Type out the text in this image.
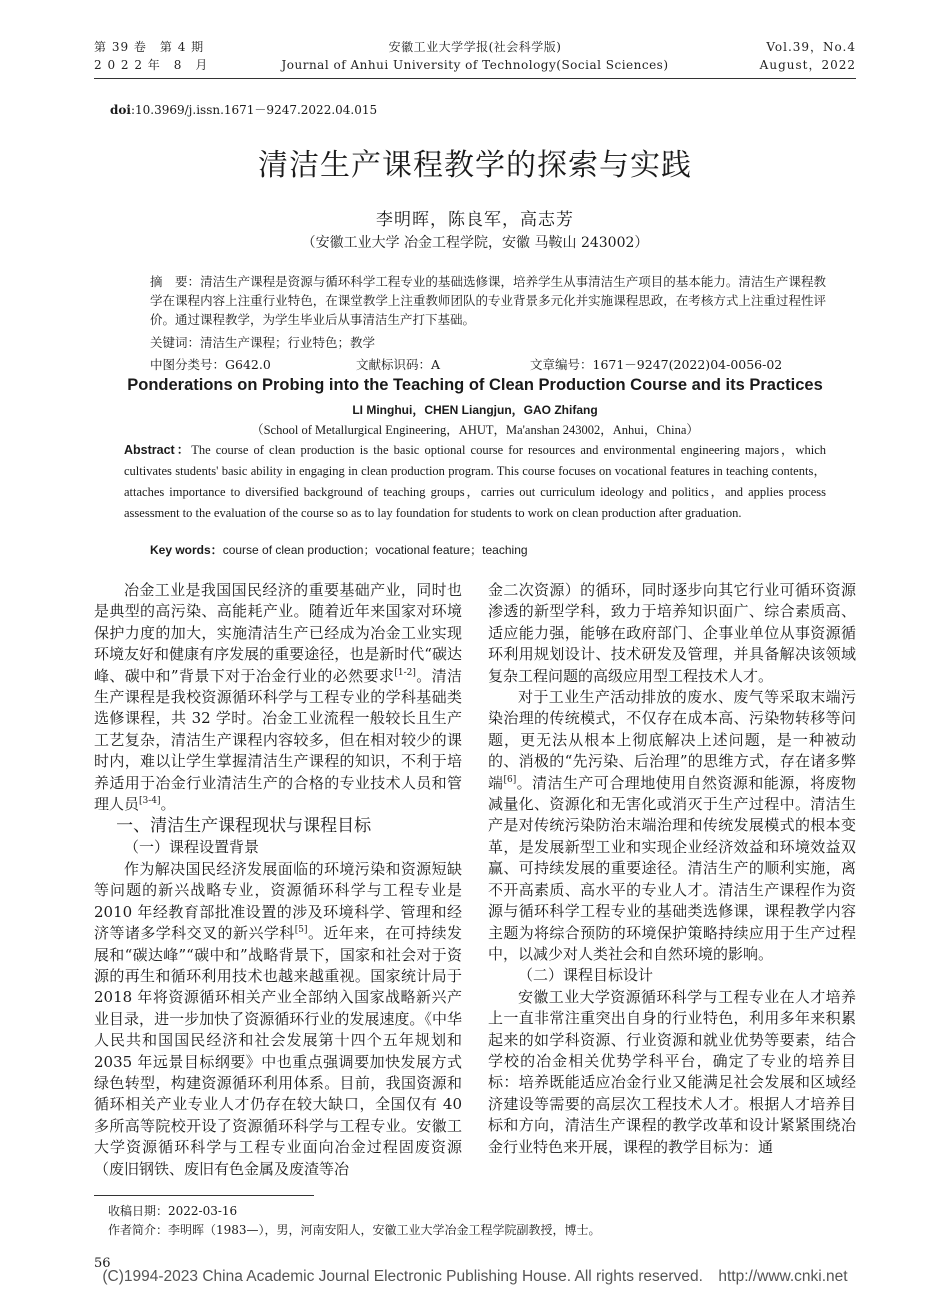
第 39 卷　第 4 期
2 0 2 2 年　8　月
安徽工业大学学报(社会科学版)
Journal of Anhui University of Technology(Social Sciences)
Vol.39，No.4
August，2022
doi:10.3969/j.issn.1671－9247.2022.04.015
清洁生产课程教学的探索与实践
李明晖，陈良军，高志芳
（安徽工业大学 冶金工程学院，安徽 马鞍山 243002）
摘　要：清洁生产课程是资源与循环科学工程专业的基础选修课，培养学生从事清洁生产项目的基本能力。清洁生产课程教学在课程内容上注重行业特色，在课堂教学上注重教师团队的专业背景多元化并实施课程思政，在考核方式上注重过程性评价。通过课程教学，为学生毕业后从事清洁生产打下基础。
关键词：清洁生产课程；行业特色；教学
中图分类号：G642.0	文献标识码：A	文章编号：1671－9247(2022)04-0056-02
Ponderations on Probing into the Teaching of Clean Production Course and its Practices
LI Minghui，CHEN Liangjun，GAO Zhifang
（School of Metallurgical Engineering，AHUT，Ma'anshan 243002，Anhui，China）
Abstract：The course of clean production is the basic optional course for resources and environmental engineering majors，which cultivates students' basic ability in engaging in clean production program. This course focuses on vocational features in teaching contents，attaches importance to diversified background of teaching groups，carries out curriculum ideology and politics，and applies process assessment to the evaluation of the course so as to lay foundation for students to work on clean production after graduation.
Key words：course of clean production；vocational feature；teaching

冶金工业是我国国民经济的重要基础产业，同时也是典型的高污染、高能耗产业。随着近年来国家对环境保护力度的加大，实施清洁生产已经成为冶金工业实现环境友好和健康有序发展的重要途径，也是新时代“碳达峰、碳中和”背景下对于冶金行业的必然要求[1-2]。清洁生产课程是我校资源循环科学与工程专业的学科基础类选修课程，共 32 学时。冶金工业流程一般较长且生产工艺复杂，清洁生产课程内容较多，但在相对较少的课时内，难以让学生掌握清洁生产课程的知识，不利于培养适用于冶金行业清洁生产的合格的专业技术人员和管理人员[3-4]。

一、清洁生产课程现状与课程目标

（一）课程设置背景

作为解决国民经济发展面临的环境污染和资源短缺等问题的新兴战略专业，资源循环科学与工程专业是 2010 年经教育部批准设置的涉及环境科学、管理和经济等诸多学科交叉的新兴学科[5]。近年来，在可持续发展和“碳达峰”“碳中和”战略背景下，国家和社会对于资源的再生和循环利用技术也越来越重视。国家统计局于 2018 年将资源循环相关产业全部纳入国家战略新兴产业目录，进一步加快了资源循环行业的发展速度。《中华人民共和国国民经济和社会发展第十四个五年规划和 2035 年远景目标纲要》中也重点强调要加快发展方式绿色转型，构建资源循环利用体系。目前，我国资源和循环相关产业专业人才仍存在较大缺口，全国仅有 40 多所高等院校开设了资源循环科学与工程专业。安徽工大学资源循环科学与工程专业面向冶金过程固废资源（废旧钢铁、废旧有色金属及废渣等冶

金二次资源）的循环，同时逐步向其它行业可循环资源渗透的新型学科，致力于培养知识面广、综合素质高、适应能力强，能够在政府部门、企事业单位从事资源循环利用规划设计、技术研发及管理，并具备解决该领域复杂工程问题的高级应用型工程技术人才。

对于工业生产活动排放的废水、废气等采取末端污染治理的传统模式，不仅存在成本高、污染物转移等问题，更无法从根本上彻底解决上述问题，是一种被动的、消极的“先污染、后治理”的思维方式，存在诸多弊端[6]。清洁生产可合理地使用自然资源和能源，将废物减量化、资源化和无害化或消灭于生产过程中。清洁生产是对传统污染防治末端治理和传统发展模式的根本变革，是发展新型工业和实现企业经济效益和环境效益双赢、可持续发展的重要途径。清洁生产的顺利实施，离不开高素质、高水平的专业人才。清洁生产课程作为资源与循环科学工程专业的基础类选修课，课程教学内容主题为将综合预防的环境保护策略持续应用于生产过程中，以减少对人类社会和自然环境的影响。

（二）课程目标设计

安徽工业大学资源循环科学与工程专业在人才培养上一直非常注重突出自身的行业特色，利用多年来积累起来的如学科资源、行业资源和就业优势等要素，结合学校的冶金相关优势学科平台，确定了专业的培养目标：培养既能适应冶金行业又能满足社会发展和区域经济建设等需要的高层次工程技术人才。根据人才培养目标和方向，清洁生产课程的教学改革和设计紧紧围绕冶金行业特色来开展，课程的教学目标为：通

收稿日期：2022-03-16
作者简介：李明晖（1983—），男，河南安阳人，安徽工业大学冶金工程学院副教授，博士。
56
(C)1994-2023 China Academic Journal Electronic Publishing House. All rights reserved.　http://www.cnki.net
